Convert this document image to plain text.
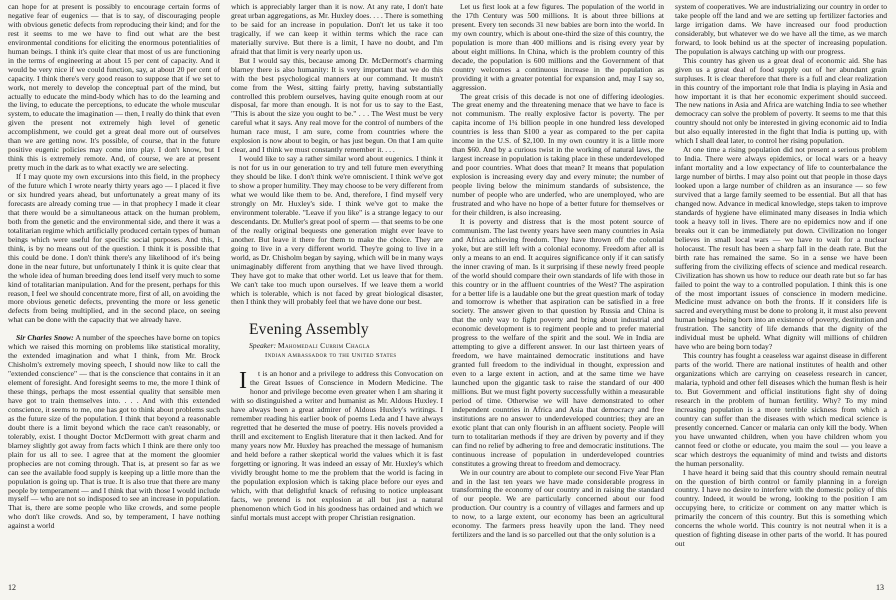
can hope for at present is possibly to encourage certain forms of negative fear of eugenics — that is to say, of discouraging people with obvious genetic defects from reproducing their kind; and for the rest it seems to me we have to find out what are the best environmental conditions for eliciting the enormous potentialities of human beings. I think it's quite clear that most of us are functioning in the terms of engineering at about 15 per cent of capacity. And it would be very nice if we could function, say, at about 20 per cent of capacity. I think there's very good reason to suppose that if we set to work, not merely to develop the conceptual part of the mind, but actually to educate the mind-body which has to do the learning and the living, to educate the perceptions, to educate the whole muscular system, to educate the imagination — then, I really do think that even given the present not extremely high level of genetic accomplishment, we could get a great deal more out of ourselves than we are getting now. It's possible, of course, that in the future positive eugenic policies may come into play. I don't know, but I think this is extremely remote. And, of course, we are at present pretty much in the dark as to what exactly we are selecting.

If I may quote my own excursions into this field, in the prophecy of the future which I wrote nearly thirty years ago — I placed it five or six hundred years ahead, but unfortunately a great many of its forecasts are already coming true — in that prophecy I made it clear that there would be a simultaneous attack on the human problem, both from the genetic and the environmental side, and there it was a totalitarian regime which artificially produced certain types of human beings which were useful for specific social purposes. And this, I think, is by no means out of the question. I think it is possible that this could be done. I don't think there's any likelihood of it's being done in the near future, but unfortunately I think it is quite clear that the whole idea of human breeding does lend itself very much to some kind of totalitarian manipulation. And for the present, perhaps for this reason, I feel we should concentrate more, first of all, on avoiding the more obvious genetic defects, preventing the more or less genetic defects from being multiplied, and in the second place, on seeing what can be done with the capacity that we already have.

Sir Charles Snow: A number of the speeches have borne on topics which we raised this morning on problems like statistical morality, the extended imagination and what I think, from Mr. Brock Chisholm's extremely moving speech, I should now like to call the "extended conscience" — that is the conscience that contains in it an element of foresight. And foresight seems to me, the more I think of these things, perhaps the most essential quality that sensible men have got to train themselves into. . . . And with this extended conscience, it seems to me, one has got to think about problems such as the future size of the population. I think that beyond a reasonable doubt there is a limit beyond which the race can't reasonably, or tolerably, exist. I thought Doctor McDermott with great charm and blarney slightly got away from facts which I think are there only too plain for us all to see. I agree that at the moment the gloomier prophecies are not coming through. That is, at present so far as we can see the available food supply is keeping up a little more than the population is going up. That is true. It is also true that there are many people by temperament — and I think that with those I would include myself — who are not so indisposed to see an increase in population. That is, there are some people who like crowds, and some people who don't like crowds. And so, by temperament, I have nothing against a world

which is appreciably larger than it is now. At any rate, I don't hate great urban aggregations, as Mr. Huxley does. . . . There is something to be said for an increase in population. Don't let us take it too tragically, if we can keep it within terms which the race can materially survive. But there is a limit, I have no doubt, and I'm afraid that that limit is very nearly upon us.

But I would say this, because among Dr. McDermott's charming blarney there is also humanity: It is very important that we do this with the best psychological manners at our command. It mustn't come from the West, sitting fairly pretty, having substantially controlled this problem ourselves, having quite enough room at our disposal, far more than enough. It is not for us to say to the East, "This is about the size you ought to be." . . . The West must be very careful what it says. Any real move for the control of numbers of the human race must, I am sure, come from countries where the explosion is now about to begin, or has just begun. On that I am quite clear, and I think we must constantly remember it. . . .

I would like to say a rather similar word about eugenics. I think it is not for us in our generation to try and tell future men everything they should be like. I don't think we're omniscient. I think we've got to show a proper humility. They may choose to be very different from what we would like them to be. And, therefore, I find myself very strongly on Mr. Huxley's side. I think we've got to make the environment tolerable. "Leave if you like" is a strange legacy to our descendants. Dr. Muller's great pool of sperm — that seems to be one of the really original bequests one generation might ever leave to another. But leave it there for them to make the choice. They are going to live in a very different world. They're going to live in a world, as Dr. Chisholm began by saying, which will be in many ways unimaginably different from anything that we have lived through. They have got to make that other world. Let us leave that for them. We can't take too much upon ourselves. If we leave them a world which is tolerable, which is not faced by great biological disaster, then I think they will probably feel that we have done our best.

Evening Assembly
Speaker: Mahomedali Currim Chagla
Indian Ambassador to the United States

I t is an honor and a privilege to address this Convocation on the Great Issues of Conscience in Modern Medicine. The honor and privilege become even greater when I am sharing it with so distinguished a writer and humanist as Mr. Aldous Huxley. I have always been a great admirer of Aldous Huxley's writings. I remember reading his earlier book of poems Leda and I have always regretted that he deserted the muse of poetry. His novels provided a thrill and excitement to English literature that it then lacked. And for many years now Mr. Huxley has preached the message of humanism and held before a rather skeptical world the values which it is fast forgetting or ignoring. It was indeed an essay of Mr. Huxley's which vividly brought home to me the problem that the world is facing in the population explosion which is taking place before our eyes and which, with that delightful knack of refusing to notice unpleasant facts, we pretend is not explosion at all but just a natural phenomenon which God in his goodness has ordained and which we sinful mortals must accept with proper Christian resignation.

Let us first look at a few figures. The population of the world in the 17th Century was 500 millions. It is about three billions at present. Every ten seconds 31 new babies are born into the world. In my own country, which is about one-third the size of this country, the population is more than 400 millions and is rising every year by about eight millions. In China, which is the problem country of this decade, the population is 600 millions and the Government of that country welcomes a continuous increase in the population as providing it with a greater potential for expansion and, may I say so, aggression.

The great crisis of this decade is not one of differing ideologies. The great enemy and the threatening menace that we have to face is not communism. The really explosive factor is poverty. The per capita income of 1¼ billion people in one hundred less developed countries is less than $100 a year as compared to the per capita income in the U.S. of $2,100. In my own country it is a little more than $60. And by a curious twist in the working of natural laws, the largest increase in population is taking place in these underdeveloped and poor countries. What does that mean? It means that population explosion is increasing every day and every minute; the number of people living below the minimum standards of subsistence, the number of people who are underfed, who are unemployed, who are frustrated and who have no hope of a better future for themselves or for their children, is also increasing.

It is poverty and distress that is the most potent source of communism. The last twenty years have seen many countries in Asia and Africa achieving freedom. They have thrown off the colonial yoke, but are still left with a colonial economy. Freedom after all is only a means to an end. It acquires significance only if it can satisfy the inner craving of man. Is it surprising if these newly freed people of the world should compare their own standards of life with those in this country or in the affluent countries of the West? The aspiration for a better life is a laudable one but the great question mark of today and tomorrow is whether that aspiration can be satisfied in a free society. The answer given to that question by Russia and China is that the only way to fight poverty and bring about industrial and economic development is to regiment people and to prefer material progress to the welfare of the spirit and the soul. We in India are attempting to give a different answer. In our last thirteen years of freedom, we have maintained democratic institutions and have granted full freedom to the individual in thought, expression and even to a large extent in action, and at the same time we have launched upon the gigantic task to raise the standard of our 400 millions. But we must fight poverty successfully within a measurable period of time. Otherwise we will have demonstrated to other independent countries in Africa and Asia that democracy and free institutions are no answer to underdeveloped countries; they are an exotic plant that can only flourish in an affluent society. People will turn to totalitarian methods if they are driven by poverty and if they can find no relief by adhering to free and democratic institutions. The continuous increase of population in underdeveloped countries constitutes a growing threat to freedom and democracy.

We in our country are about to complete our second Five Year Plan and in the last ten years we have made considerable progress in transforming the economy of our country and in raising the standard of our people. We are particularly concerned about our food production. Our country is a country of villages and farmers and up to now, to a large extent, our economy has been an agricultural economy. The farmers press heavily upon the land. They need fertilizers and the land is so parcelled out that the only solution is a

system of cooperatives. We are industrializing our country in order to take people off the land and we are setting up fertilizer factories and large irrigation dams. We have increased our food production considerably, but whatever we do we have all the time, as we march forward, to look behind us at the specter of increasing population. The population is always catching up with our progress.

This country has given us a great deal of economic aid. She has given us a great deal of food supply out of her abundant grain surpluses. It is clear therefore that there is a full and clear realization in this country of the important role that India is playing in Asia and how important it is that her economic experiment should succeed. The new nations in Asia and Africa are watching India to see whether democracy can solve the problem of poverty. It seems to me that this country should not only be interested in giving economic aid to India but also equally interested in the fight that India is putting up, with which I shall deal later, to control her rising population.

At one time a rising population did not present a serious problem to India. There were always epidemics, or local wars or a heavy infant mortality and a low expectancy of life to counterbalance the large number of births. I may also point out that people in those days looked upon a large number of children as an insurance — so few survived that a large family seemed to be essential. But all that has changed now. Advance in medical knowledge, steps taken to improve standards of hygiene have eliminated many diseases in India which took a heavy toll in lives. There are no epidemics now and if one breaks out it can be immediately put down. Civilization no longer believes in small local wars — we have to wait for a nuclear holocaust. The result has been a sharp fall in the death rate. But the birth rate has remained the same. So in a sense we have been suffering from the civilizing effects of science and medical research. Civilization has shown us how to reduce our death rate but so far has failed to point the way to a controlled population. I think this is one of the most important issues of conscience in modern medicine. Medicine must advance on both the fronts. If it considers life is sacred and everything must be done to prolong it, it must also prevent human beings being born into an existence of poverty, destitution and frustration. The sanctity of life demands that the dignity of the individual must be upheld. What dignity will millions of children have who are being born today?

This country has fought a ceaseless war against disease in different parts of the world. There are national institutes of health and other organizations which are carrying on ceaseless research in cancer, malaria, typhoid and other fell diseases which the human flesh is heir to. But Government and official institutions fight shy of doing research in the problem of human fertility. Why? To my mind increasing population is a more terrible sickness from which a country can suffer than the diseases with which medical science is presently concerned. Cancer or malaria can only kill the body. When you have unwanted children, when you have children whom you cannot feed or clothe or educate, you maim the soul — you leave a scar which destroys the equanimity of mind and twists and distorts the human personality.

I have heard it being said that this country should remain neutral on the question of birth control or family planning in a foreign country. I have no desire to interfere with the domestic policy of this country. Indeed, it would be wrong, looking to the position I am occupying here, to criticize or comment on any matter which is primarily the concern of this country. But this is something which concerns the whole world. This country is not neutral when it is a question of fighting disease in other parts of the world. It has poured out

12	13
